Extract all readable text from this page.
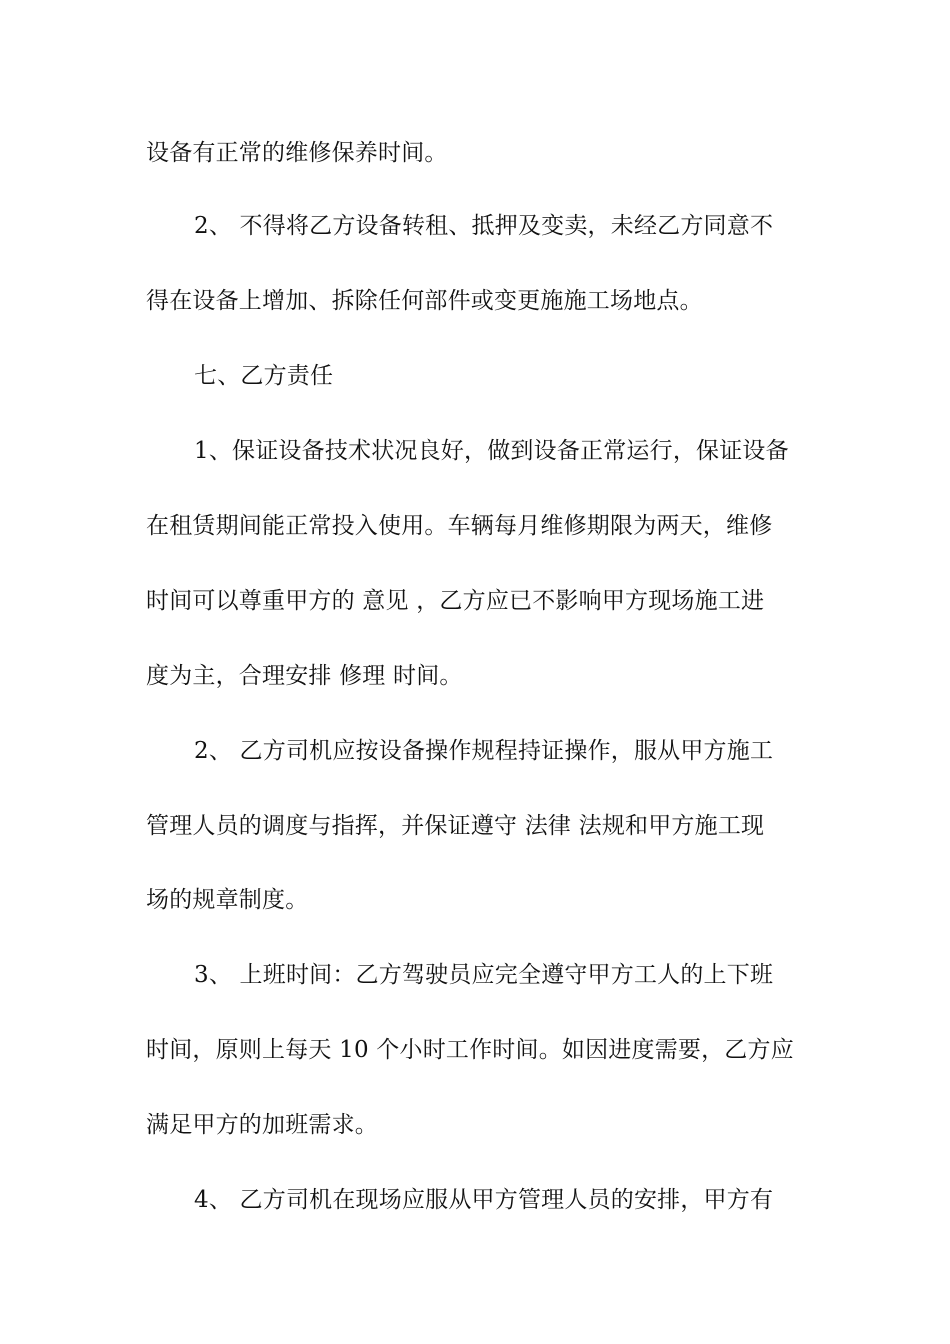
设备有正常的维修保养时间。
2、 不得将乙方设备转租、抵押及变卖，未经乙方同意不
得在设备上增加、拆除任何部件或变更施施工场地点。
七、乙方责任
1、保证设备技术状况良好，做到设备正常运行，保证设备
在租赁期间能正常投入使用。车辆每月维修期限为两天，维修
时间可以尊重甲方的 意见 ，乙方应已不影响甲方现场施工进
度为主，合理安排 修理 时间。
2、 乙方司机应按设备操作规程持证操作，服从甲方施工
管理人员的调度与指挥，并保证遵守 法律 法规和甲方施工现
场的规章制度。
3、 上班时间：乙方驾驶员应完全遵守甲方工人的上下班
时间，原则上每天 10 个小时工作时间。如因进度需要，乙方应
满足甲方的加班需求。
4、 乙方司机在现场应服从甲方管理人员的安排，甲方有
